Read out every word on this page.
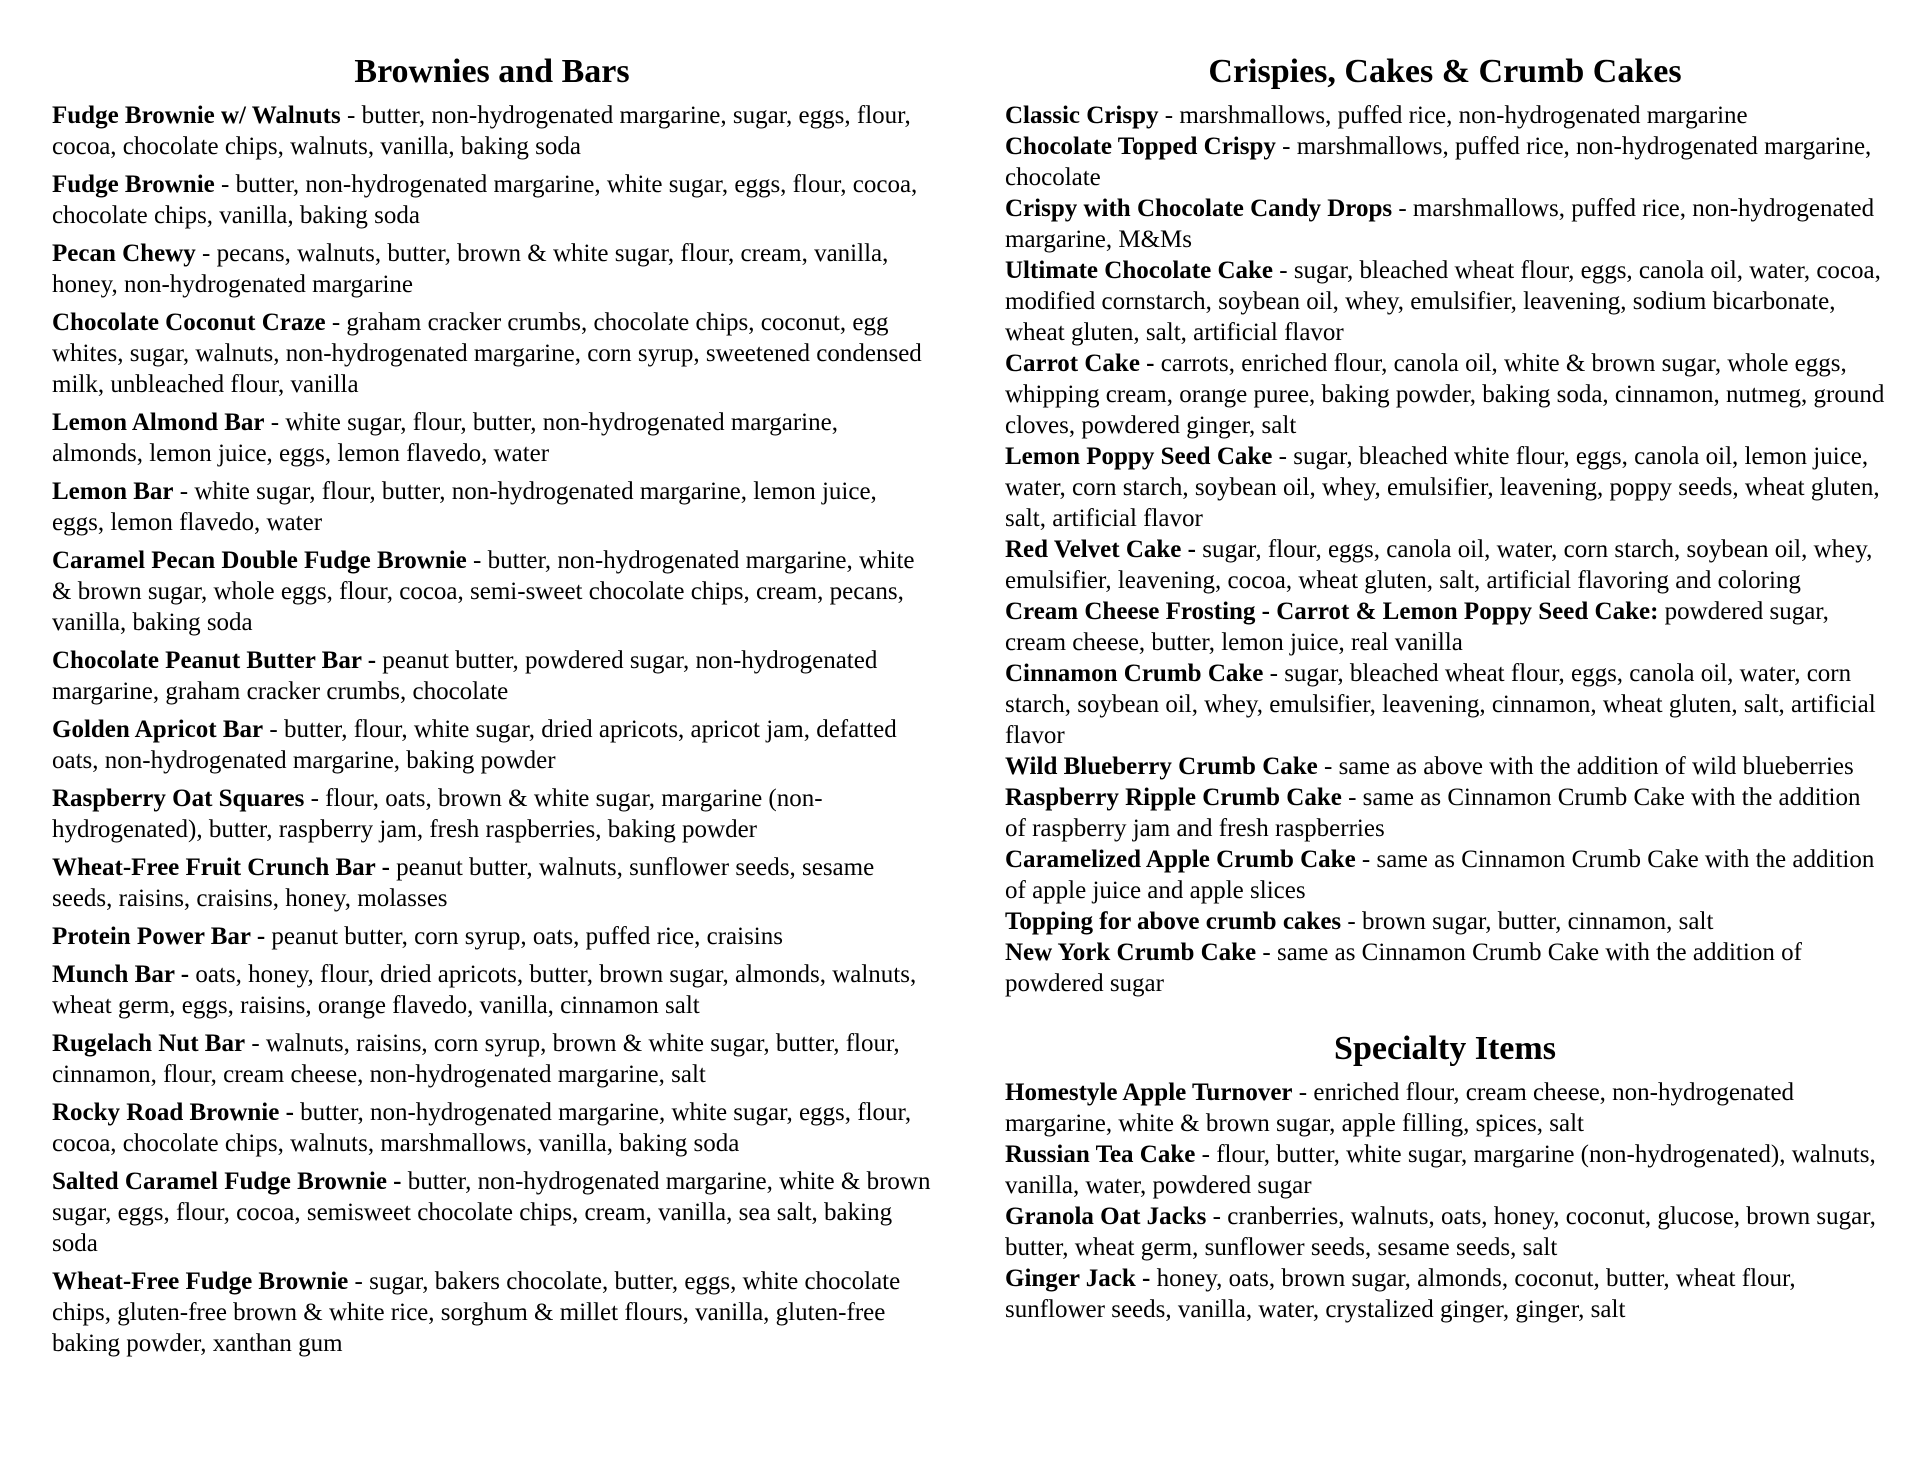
Brownies and Bars

Fudge Brownie w/ Walnuts - butter, non-hydrogenated margarine, sugar, eggs, flour, cocoa, chocolate chips, walnuts, vanilla, baking soda

Fudge Brownie - butter, non-hydrogenated margarine, white sugar, eggs, flour, cocoa, chocolate chips, vanilla, baking soda

Pecan Chewy - pecans, walnuts, butter, brown & white sugar, flour, cream, vanilla, honey, non-hydrogenated margarine

Chocolate Coconut Craze - graham cracker crumbs, chocolate chips, coconut, egg whites, sugar, walnuts, non-hydrogenated margarine, corn syrup, sweetened condensed milk, unbleached flour, vanilla

Lemon Almond Bar - white sugar, flour, butter, non-hydrogenated margarine, almonds, lemon juice, eggs, lemon flavedo, water

Lemon Bar - white sugar, flour, butter, non-hydrogenated margarine, lemon juice, eggs, lemon flavedo, water

Caramel Pecan Double Fudge Brownie - butter, non-hydrogenated margarine, white & brown sugar, whole eggs, flour, cocoa, semi-sweet chocolate chips, cream, pecans, vanilla, baking soda

Chocolate Peanut Butter Bar - peanut butter, powdered sugar, non-hydrogenated margarine, graham cracker crumbs, chocolate

Golden Apricot Bar - butter, flour, white sugar, dried apricots, apricot jam, defatted oats, non-hydrogenated margarine, baking powder

Raspberry Oat Squares - flour, oats, brown & white sugar, margarine (non-hydrogenated), butter, raspberry jam, fresh raspberries, baking powder

Wheat-Free Fruit Crunch Bar - peanut butter, walnuts, sunflower seeds, sesame seeds, raisins, craisins, honey, molasses

Protein Power Bar - peanut butter, corn syrup, oats, puffed rice, craisins

Munch Bar - oats, honey, flour, dried apricots, butter, brown sugar, almonds, walnuts, wheat germ, eggs, raisins, orange flavedo, vanilla, cinnamon salt

Rugelach Nut Bar - walnuts, raisins, corn syrup, brown & white sugar, butter, flour, cinnamon, flour, cream cheese, non-hydrogenated margarine, salt

Rocky Road Brownie - butter, non-hydrogenated margarine, white sugar, eggs, flour, cocoa, chocolate chips, walnuts, marshmallows, vanilla, baking soda

Salted Caramel Fudge Brownie - butter, non-hydrogenated margarine, white & brown sugar, eggs, flour, cocoa, semisweet chocolate chips, cream, vanilla, sea salt, baking soda

Wheat-Free Fudge Brownie - sugar, bakers chocolate, butter, eggs, white chocolate chips, gluten-free brown & white rice, sorghum & millet flours, vanilla, gluten-free baking powder, xanthan gum

Crispies, Cakes & Crumb Cakes

Classic Crispy - marshmallows, puffed rice, non-hydrogenated margarine

Chocolate Topped Crispy - marshmallows, puffed rice, non-hydrogenated margarine, chocolate

Crispy with Chocolate Candy Drops - marshmallows, puffed rice, non-hydrogenated margarine, M&Ms

Ultimate Chocolate Cake - sugar, bleached wheat flour, eggs, canola oil, water, cocoa, modified cornstarch, soybean oil, whey, emulsifier, leavening, sodium bicarbonate, wheat gluten, salt, artificial flavor

Carrot Cake - carrots, enriched flour, canola oil, white & brown sugar, whole eggs, whipping cream, orange puree, baking powder, baking soda, cinnamon, nutmeg, ground cloves, powdered ginger, salt

Lemon Poppy Seed Cake - sugar, bleached white flour, eggs, canola oil, lemon juice, water, corn starch, soybean oil, whey, emulsifier, leavening, poppy seeds, wheat gluten, salt, artificial flavor

Red Velvet Cake - sugar, flour, eggs, canola oil, water, corn starch, soybean oil, whey, emulsifier, leavening, cocoa, wheat gluten, salt, artificial flavoring and coloring

Cream Cheese Frosting - Carrot & Lemon Poppy Seed Cake: powdered sugar, cream cheese, butter, lemon juice, real vanilla

Cinnamon Crumb Cake - sugar, bleached wheat flour, eggs, canola oil, water, corn starch, soybean oil, whey, emulsifier, leavening, cinnamon, wheat gluten, salt, artificial flavor

Wild Blueberry Crumb Cake - same as above with the addition of wild blueberries

Raspberry Ripple Crumb Cake - same as Cinnamon Crumb Cake with the addition of raspberry jam and fresh raspberries

Caramelized Apple Crumb Cake - same as Cinnamon Crumb Cake with the addition of apple juice and apple slices

Topping for above crumb cakes - brown sugar, butter, cinnamon, salt

New York Crumb Cake - same as Cinnamon Crumb Cake with the addition of powdered sugar

Specialty Items

Homestyle Apple Turnover - enriched flour, cream cheese, non-hydrogenated margarine, white & brown sugar, apple filling, spices, salt

Russian Tea Cake - flour, butter, white sugar, margarine (non-hydrogenated), walnuts, vanilla, water, powdered sugar

Granola Oat Jacks - cranberries, walnuts, oats, honey, coconut, glucose, brown sugar, butter, wheat germ, sunflower seeds, sesame seeds, salt

Ginger Jack - honey, oats, brown sugar, almonds, coconut, butter, wheat flour, sunflower seeds, vanilla, water, crystalized ginger, ginger, salt
